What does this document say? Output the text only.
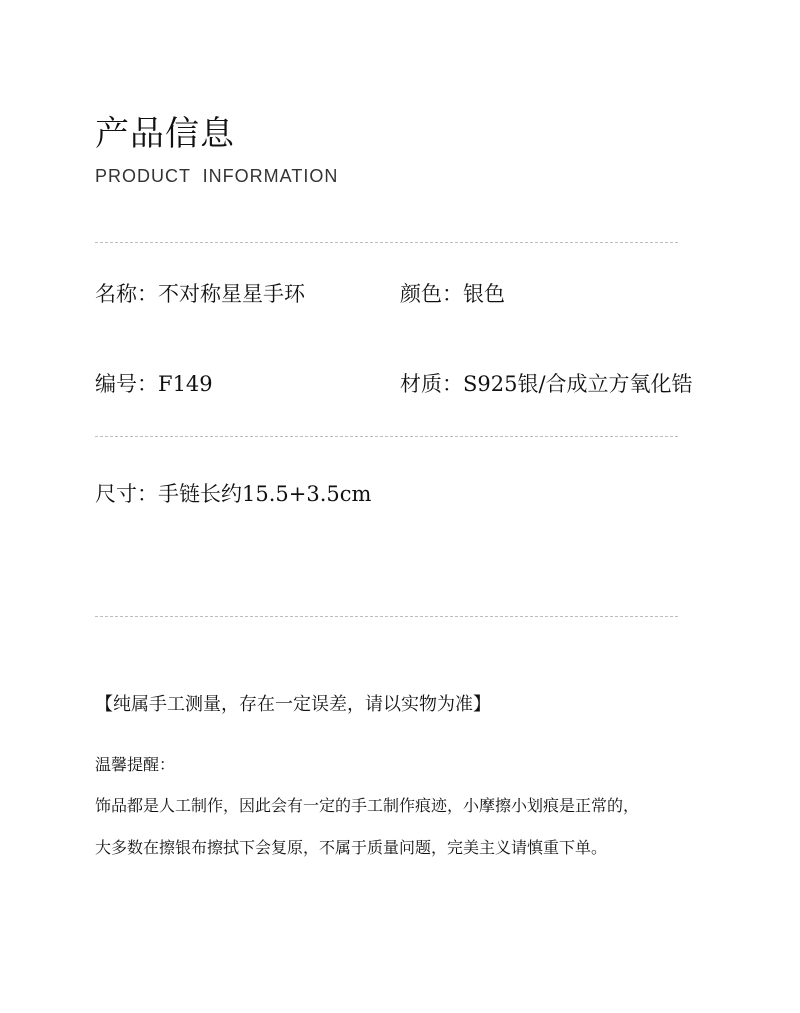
产品信息
PRODUCT  INFORMATION
名称：不对称星星手环	颜色：银色
编号：F149	材质：S925银/合成立方氧化锆
尺寸：手链长约15.5+3.5cm
【纯属手工测量，存在一定误差，请以实物为准】
温馨提醒：
饰品都是人工制作，因此会有一定的手工制作痕迹，小摩擦小划痕是正常的，
大多数在擦银布擦拭下会复原，不属于质量问题，完美主义请慎重下单。
